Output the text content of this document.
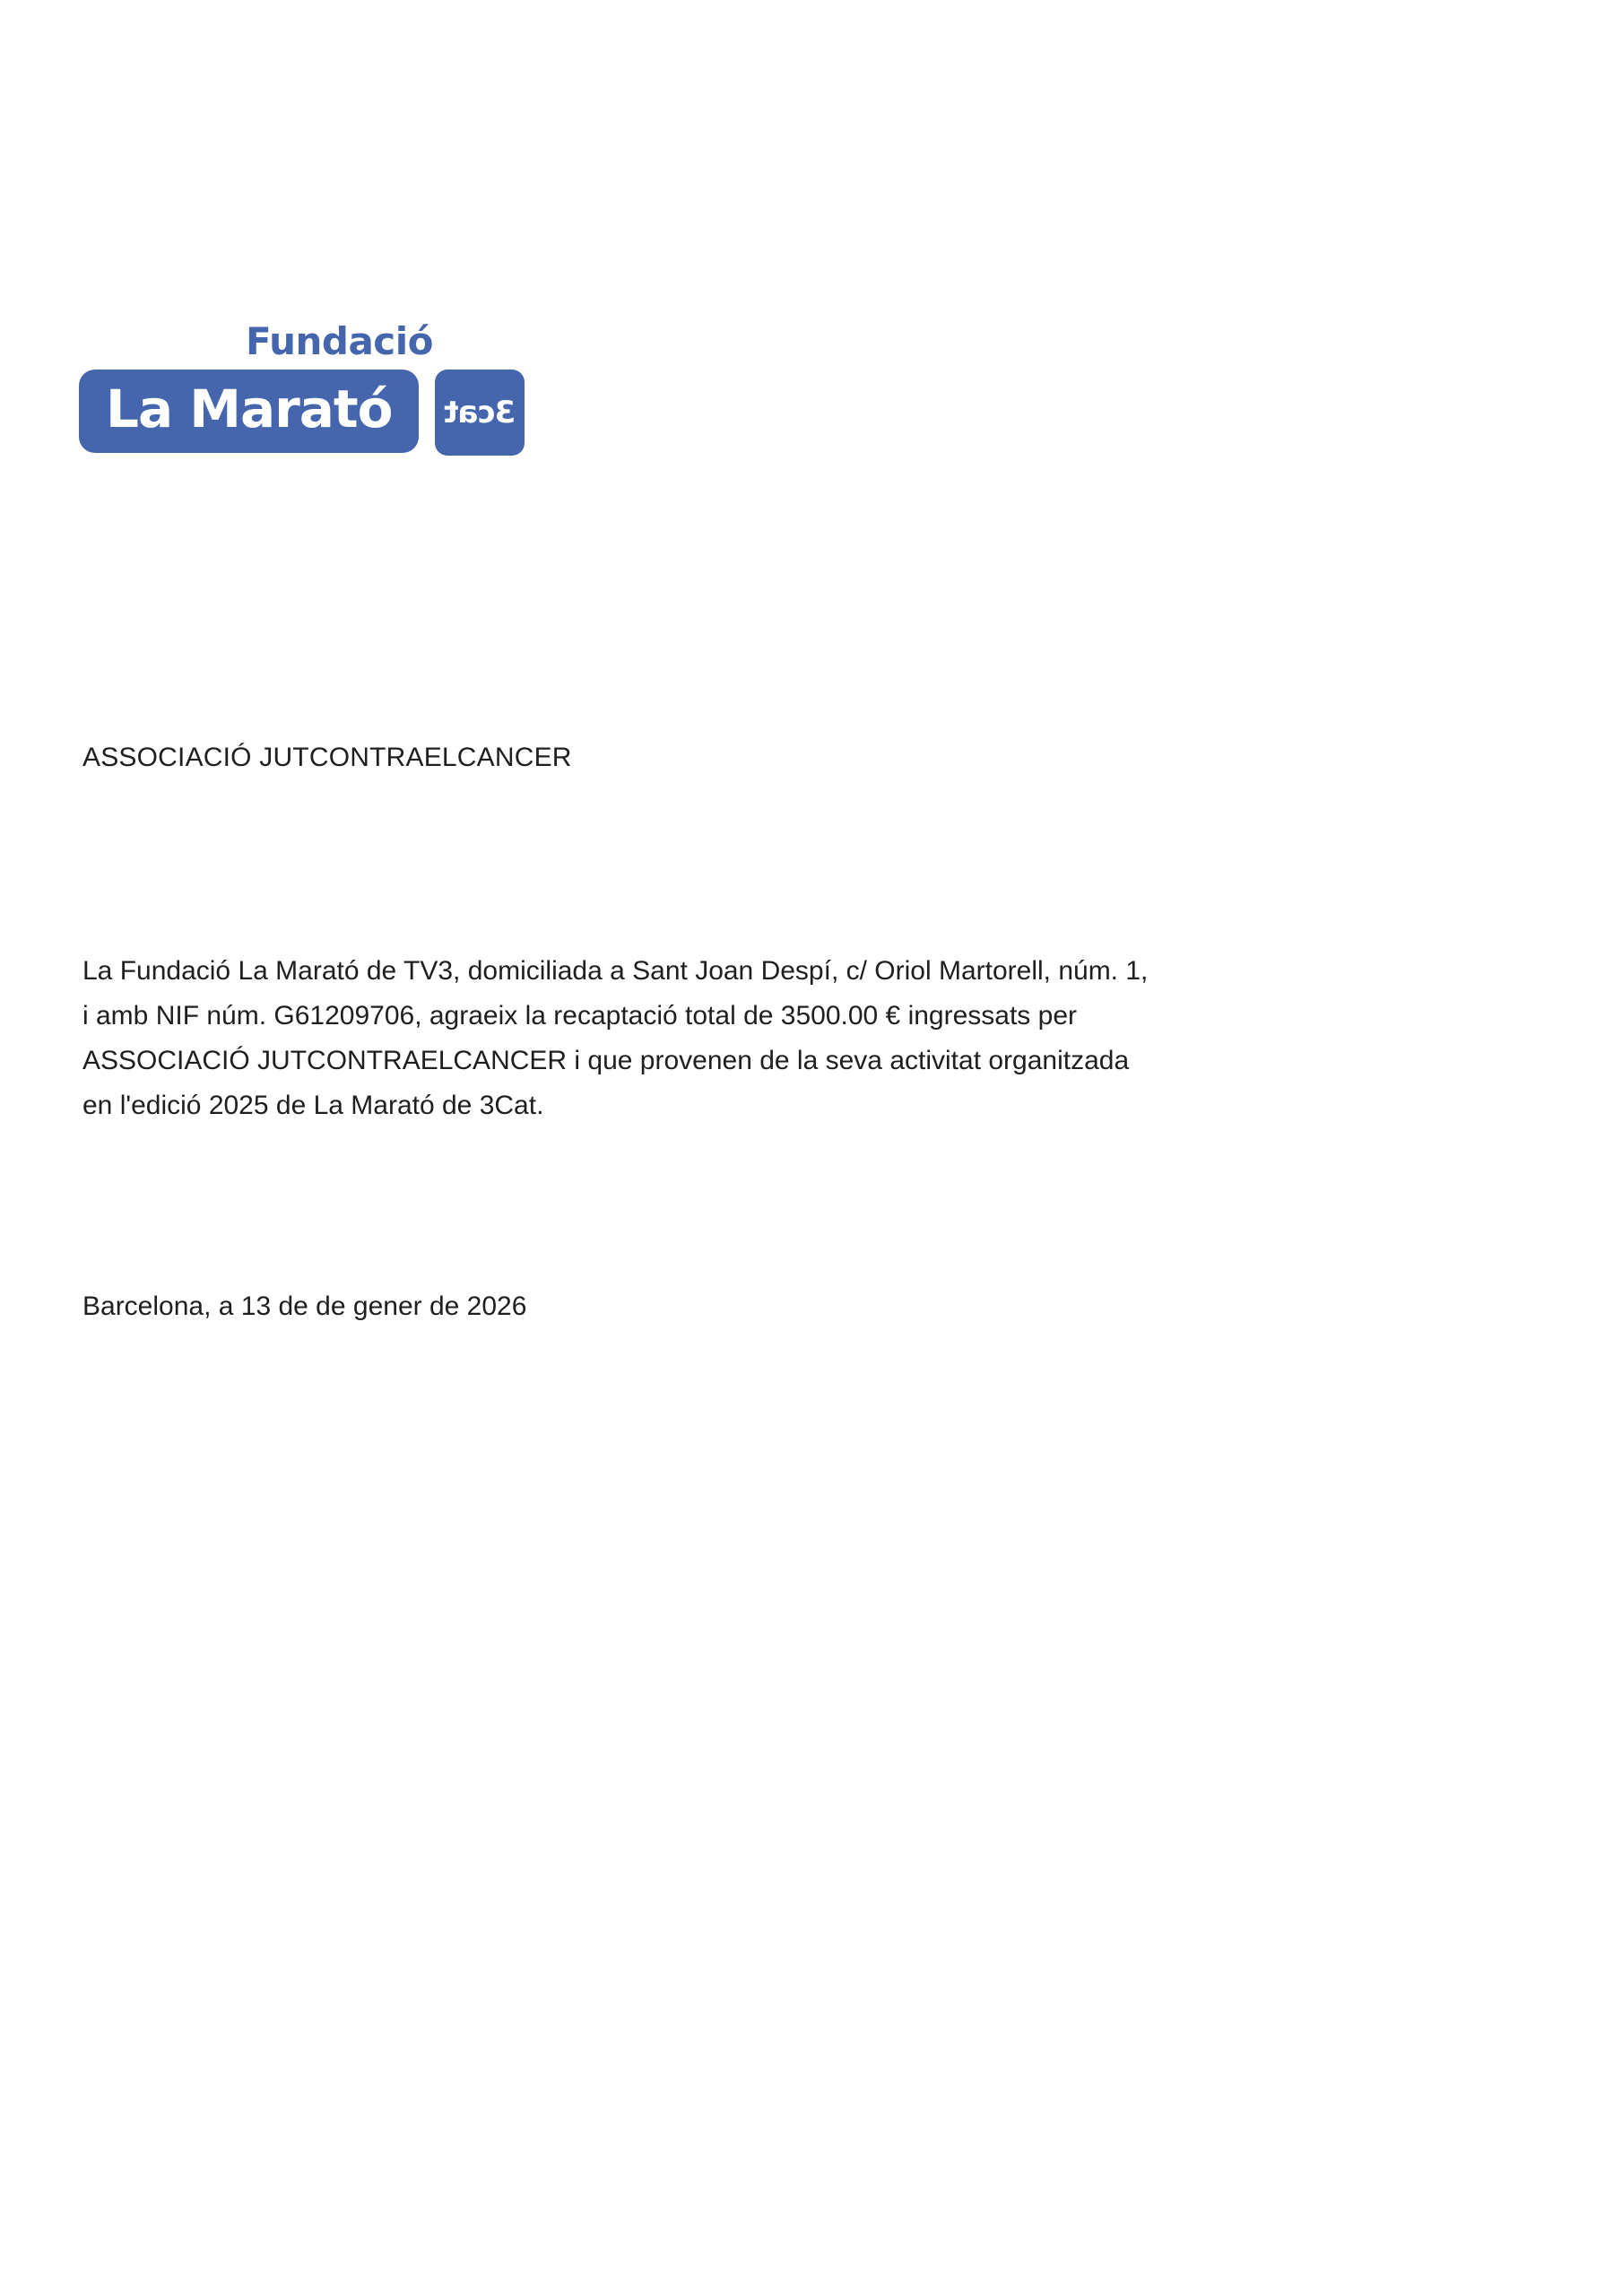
Fundació
La Marató 3cat
ASSOCIACIÓ JUTCONTRAELCANCER
La Fundació La Marató de TV3, domiciliada a Sant Joan Despí, c/ Oriol Martorell, núm. 1,
i amb NIF núm. G61209706, agraeix la recaptació total de 3500.00 € ingressats per
ASSOCIACIÓ JUTCONTRAELCANCER i que provenen de la seva activitat organitzada
en l'edició 2025 de La Marató de 3Cat.
Barcelona, a 13 de de gener de 2026
